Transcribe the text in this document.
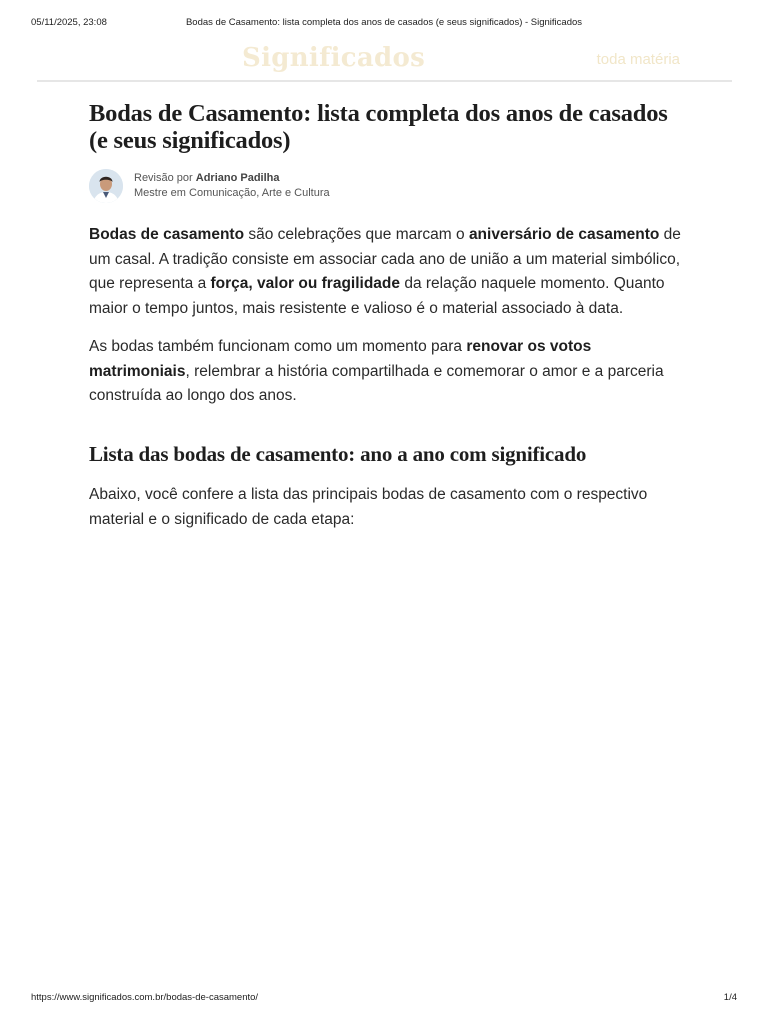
05/11/2025, 23:08	Bodas de Casamento: lista completa dos anos de casados (e seus significados) - Significados
Significados	toda matéria
Bodas de Casamento: lista completa dos anos de casados (e seus significados)
Revisão por Adriano Padilha
Mestre em Comunicação, Arte e Cultura

Bodas de casamento são celebrações que marcam o aniversário de casamento de um casal. A tradição consiste em associar cada ano de união a um material simbólico, que representa a força, valor ou fragilidade da relação naquele momento. Quanto maior o tempo juntos, mais resistente e valioso é o material associado à data.

As bodas também funcionam como um momento para renovar os votos matrimoniais, relembrar a história compartilhada e comemorar o amor e a parceria construída ao longo dos anos.

Lista das bodas de casamento: ano a ano com significado

Abaixo, você confere a lista das principais bodas de casamento com o respectivo material e o significado de cada etapa:

https://www.significados.com.br/bodas-de-casamento/	1/4
